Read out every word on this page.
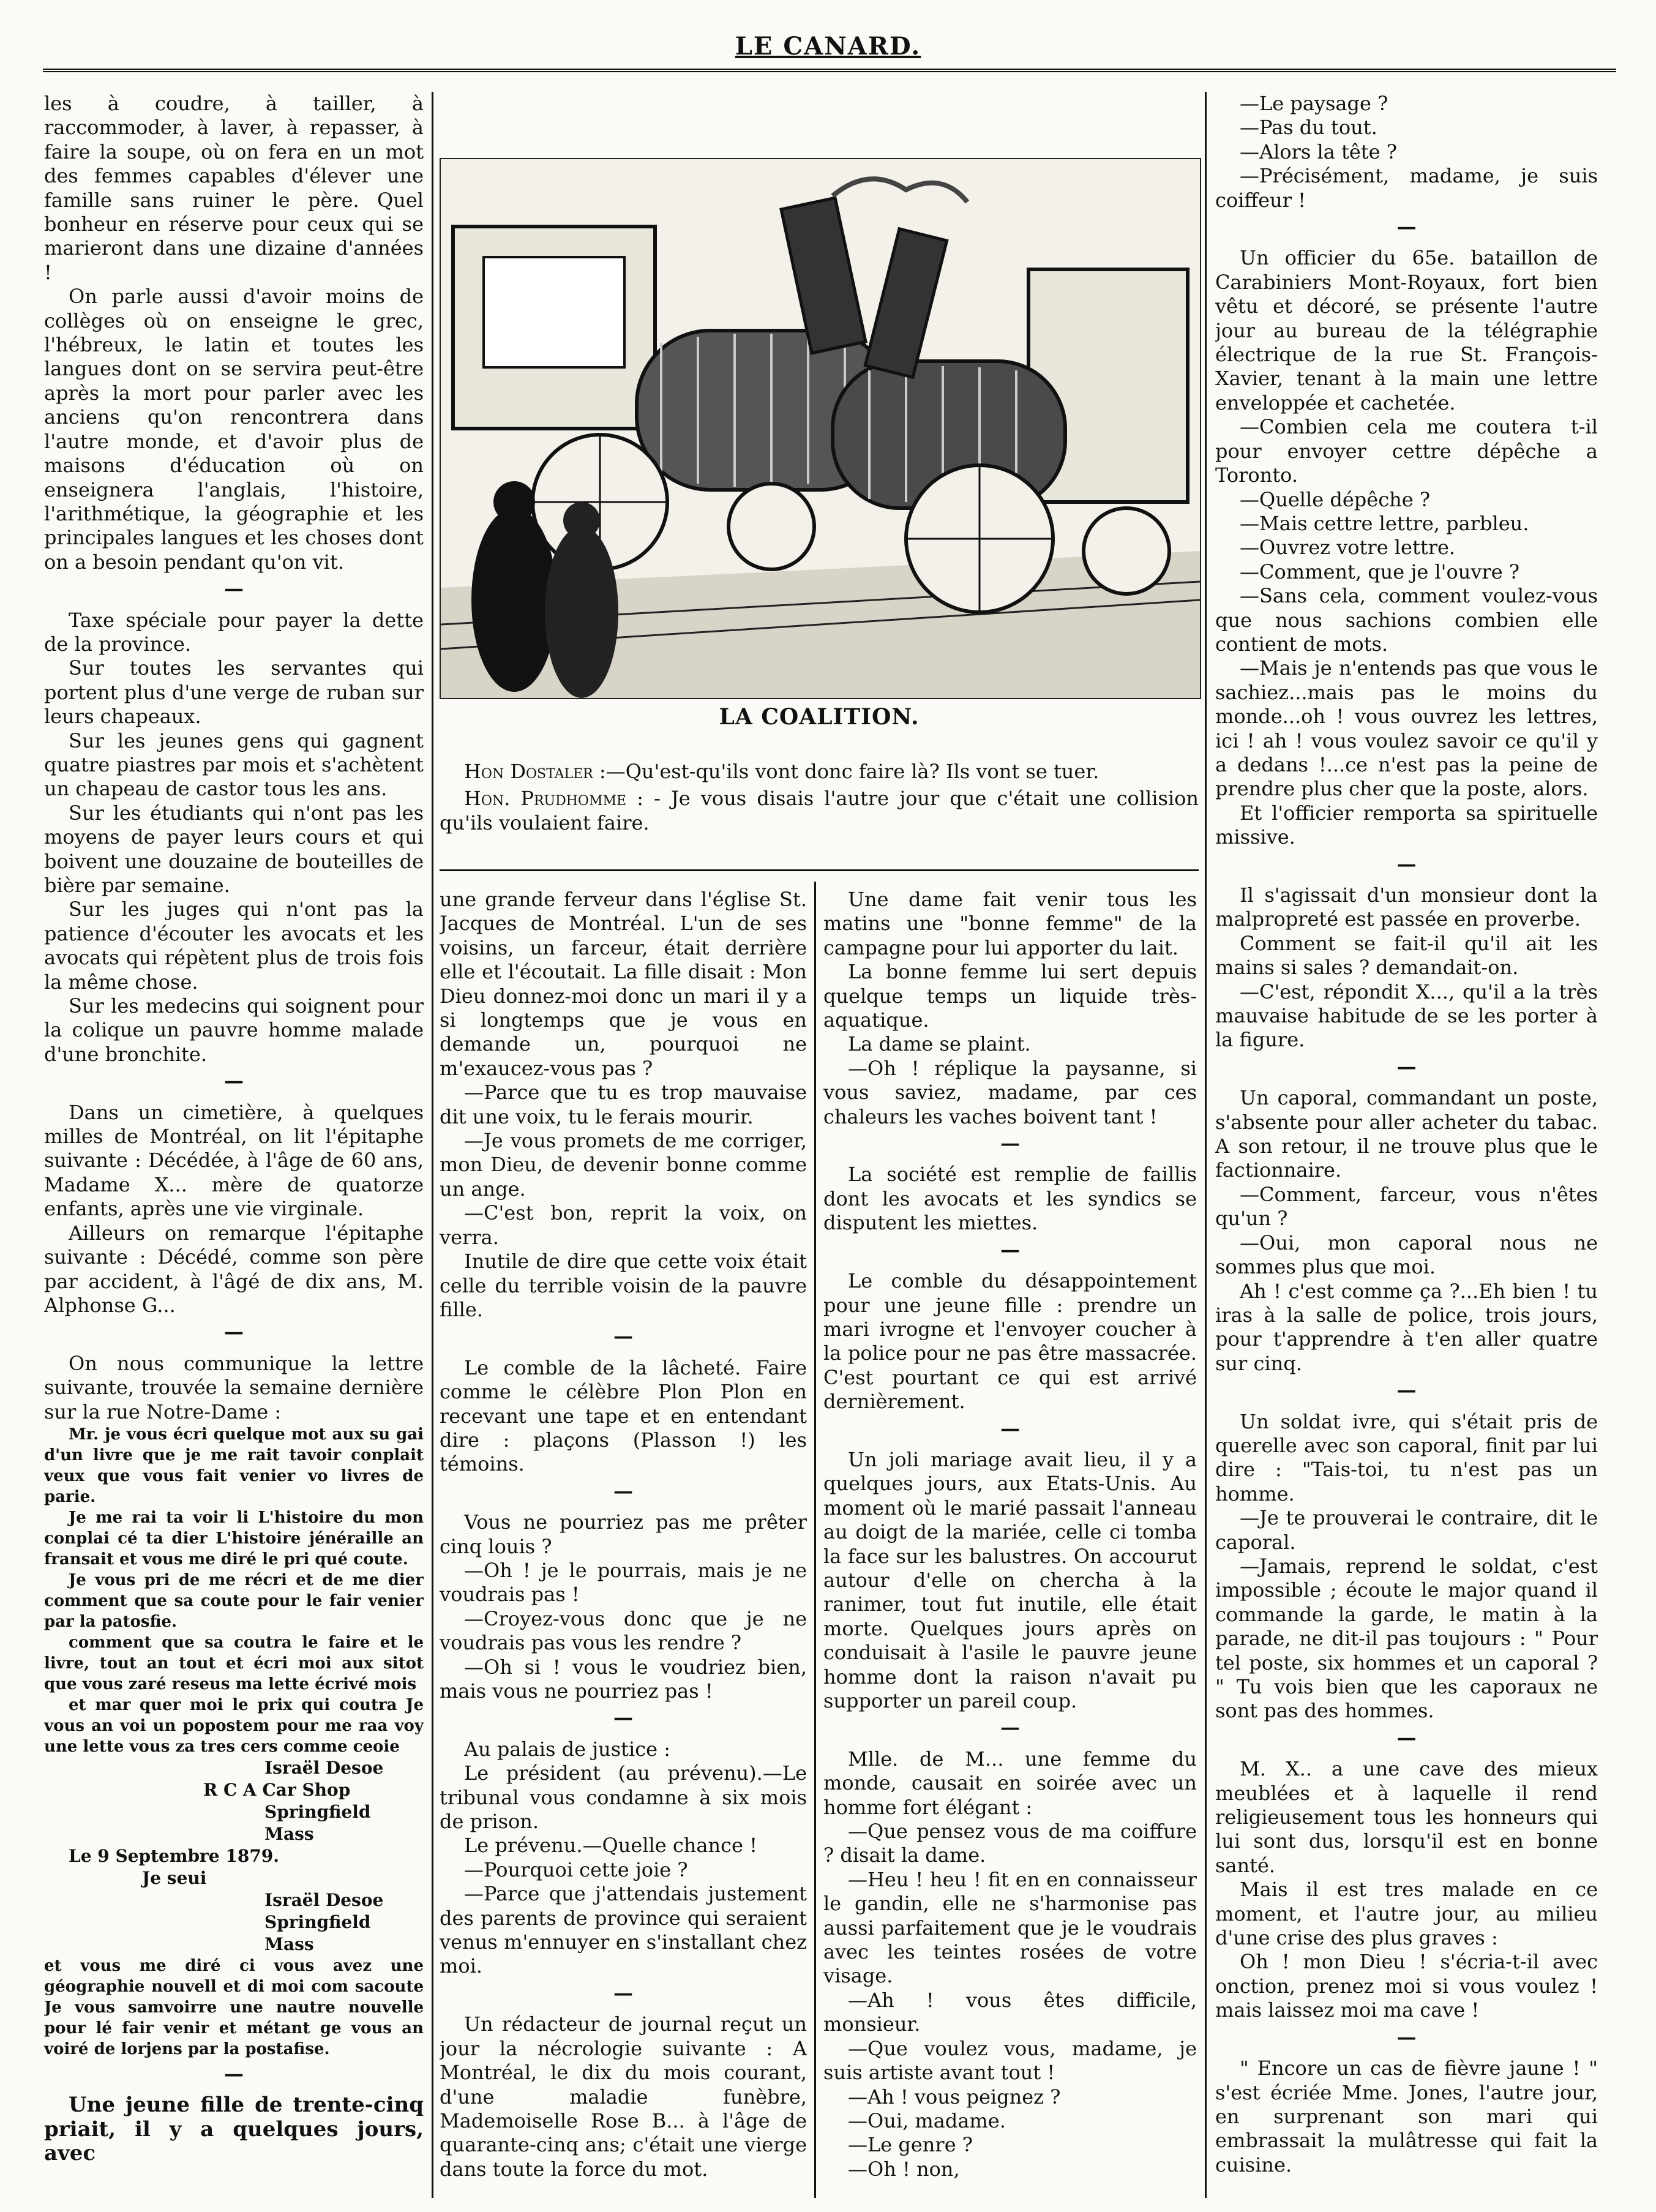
LE CANARD.

les à coudre, à tailler, à raccommoder, à laver, à repasser, à faire la soupe, où on fera en un mot des femmes capables d'élever une famille sans ruiner le père. Quel bonheur en réserve pour ceux qui se marieront dans une dizaine d'années !

On parle aussi d'avoir moins de collèges où on enseigne le grec, l'hébreux, le latin et toutes les langues dont on se servira peut-être après la mort pour parler avec les anciens qu'on rencontrera dans l'autre monde, et d'avoir plus de maisons d'éducation où on enseignera l'anglais, l'histoire, l'arithmétique, la géographie et les principales langues et les choses dont on a besoin pendant qu'on vit.

—

Taxe spéciale pour payer la dette de la province.

Sur toutes les servantes qui portent plus d'une verge de ruban sur leurs chapeaux.

Sur les jeunes gens qui gagnent quatre piastres par mois et s'achètent un chapeau de castor tous les ans.

Sur les étudiants qui n'ont pas les moyens de payer leurs cours et qui boivent une douzaine de bouteilles de bière par semaine.

Sur les juges qui n'ont pas la patience d'écouter les avocats et les avocats qui répètent plus de trois fois la même chose.

Sur les medecins qui soignent pour la colique un pauvre homme malade d'une bronchite.

—

Dans un cimetière, à quelques milles de Montréal, on lit l'épitaphe suivante : Décédée, à l'âge de 60 ans, Madame X... mère de quatorze enfants, après une vie virginale.

Ailleurs on remarque l'épitaphe suivante : Décédé, comme son père par accident, à l'âgé de dix ans, M. Alphonse G...

—

On nous communique la lettre suivante, trouvée la semaine dernière sur la rue Notre-Dame :

Mr. je vous écri quelque mot aux su gai d'un livre que je me rait tavoir conplait veux que vous fait venier vo livres de parie.

Je me rai ta voir li L'histoire du mon conplai cé ta dier L'histoire jénéraille an fransait et vous me diré le pri qué coute.

Je vous pri de me récri et de me dier comment que sa coute pour le fair venier par la patosfie.

comment que sa coutra le faire et le livre, tout an tout et écri moi aux sitot que vous zaré reseus ma lette écrivé mois

et mar quer moi le prix qui coutra Je vous an voi un popostem pour me raa voy une lette vous za tres cers comme ceoie

Israël Desoe

R C A Car Shop

Springfield Mass

Le 9 Septembre 1879.

Je seui

Israël Desoe

Springfield Mass

et vous me diré ci vous avez une géographie nouvell et di moi com sacoute Je vous samvoirre une nautre nouvelle pour lé fair venir et métant ge vous an voiré de lorjens par la postafise.

—

Une jeune fille de trente-cinq priait, il y a quelques jours, avec

LA COALITION.

Hon Dostaler :—Qu'est-qu'ils vont donc faire là? Ils vont se tuer.

Hon. Prudhomme : - Je vous disais l'autre jour que c'était une collision qu'ils voulaient faire.

une grande ferveur dans l'église St. Jacques de Montréal. L'un de ses voisins, un farceur, était derrière elle et l'écoutait. La fille disait : Mon Dieu donnez-moi donc un mari il y a si longtemps que je vous en demande un, pourquoi ne m'exaucez-vous pas ?

—Parce que tu es trop mauvaise dit une voix, tu le ferais mourir.

—Je vous promets de me corriger, mon Dieu, de devenir bonne comme un ange.

—C'est bon, reprit la voix, on verra.

Inutile de dire que cette voix était celle du terrible voisin de la pauvre fille.

—

Le comble de la lâcheté. Faire comme le célèbre Plon Plon en recevant une tape et en entendant dire : plaçons (Plasson !) les témoins.

—

Vous ne pourriez pas me prêter cinq louis ?

—Oh ! je le pourrais, mais je ne voudrais pas !

—Croyez-vous donc que je ne voudrais pas vous les rendre ?

—Oh si ! vous le voudriez bien, mais vous ne pourriez pas !

—

Au palais de justice :

Le président (au prévenu).—Le tribunal vous condamne à six mois de prison.

Le prévenu.—Quelle chance !

—Pourquoi cette joie ?

—Parce que j'attendais justement des parents de province qui seraient venus m'ennuyer en s'installant chez moi.

—

Un rédacteur de journal reçut un jour la nécrologie suivante : A Montréal, le dix du mois courant, d'une maladie funèbre, Mademoiselle Rose B... à l'âge de quarante-cinq ans; c'était une vierge dans toute la force du mot.

Une dame fait venir tous les matins une "bonne femme" de la campagne pour lui apporter du lait.

La bonne femme lui sert depuis quelque temps un liquide très-aquatique.

La dame se plaint.

—Oh ! réplique la paysanne, si vous saviez, madame, par ces chaleurs les vaches boivent tant !

—

La société est remplie de faillis dont les avocats et les syndics se disputent les miettes.

—

Le comble du désappointement pour une jeune fille : prendre un mari ivrogne et l'envoyer coucher à la police pour ne pas être massacrée. C'est pourtant ce qui est arrivé dernièrement.

—

Un joli mariage avait lieu, il y a quelques jours, aux Etats-Unis. Au moment où le marié passait l'anneau au doigt de la mariée, celle ci tomba la face sur les balustres. On accourut autour d'elle on chercha à la ranimer, tout fut inutile, elle était morte. Quelques jours après on conduisait à l'asile le pauvre jeune homme dont la raison n'avait pu supporter un pareil coup.

—

Mlle. de M... une femme du monde, causait en soirée avec un homme fort élégant :

—Que pensez vous de ma coiffure ? disait la dame.

—Heu ! heu ! fit en en connaisseur le gandin, elle ne s'harmonise pas aussi parfaitement que je le voudrais avec les teintes rosées de votre visage.

—Ah ! vous êtes difficile, monsieur.

—Que voulez vous, madame, je suis artiste avant tout !

—Ah ! vous peignez ?

—Oui, madame.

—Le genre ?

—Oh ! non,

—Le paysage ?

—Pas du tout.

—Alors la tête ?

—Précisément, madame, je suis coiffeur !

—

Un officier du 65e. bataillon de Carabiniers Mont-Royaux, fort bien vêtu et décoré, se présente l'autre jour au bureau de la télégraphie électrique de la rue St. François-Xavier, tenant à la main une lettre enveloppée et cachetée.

—Combien cela me coutera t-il pour envoyer cettre dépêche a Toronto.

—Quelle dépêche ?

—Mais cettre lettre, parbleu.

—Ouvrez votre lettre.

—Comment, que je l'ouvre ?

—Sans cela, comment voulez-vous que nous sachions combien elle contient de mots.

—Mais je n'entends pas que vous le sachiez...mais pas le moins du monde...oh ! vous ouvrez les lettres, ici ! ah ! vous voulez savoir ce qu'il y a dedans !...ce n'est pas la peine de prendre plus cher que la poste, alors.

Et l'officier remporta sa spirituelle missive.

—

Il s'agissait d'un monsieur dont la malpropreté est passée en proverbe.

Comment se fait-il qu'il ait les mains si sales ? demandait-on.

—C'est, répondit X..., qu'il a la très mauvaise habitude de se les porter à la figure.

—

Un caporal, commandant un poste, s'absente pour aller acheter du tabac. A son retour, il ne trouve plus que le factionnaire.

—Comment, farceur, vous n'êtes qu'un ?

—Oui, mon caporal nous ne sommes plus que moi.

Ah ! c'est comme ça ?...Eh bien ! tu iras à la salle de police, trois jours, pour t'apprendre à t'en aller quatre sur cinq.

—

Un soldat ivre, qui s'était pris de querelle avec son caporal, finit par lui dire : "Tais-toi, tu n'est pas un homme.

—Je te prouverai le contraire, dit le caporal.

—Jamais, reprend le soldat, c'est impossible ; écoute le major quand il commande la garde, le matin à la parade, ne dit-il pas toujours : " Pour tel poste, six hommes et un caporal ? " Tu vois bien que les caporaux ne sont pas des hommes.

—

M. X.. a une cave des mieux meublées et à laquelle il rend religieusement tous les honneurs qui lui sont dus, lorsqu'il est en bonne santé.

Mais il est tres malade en ce moment, et l'autre jour, au milieu d'une crise des plus graves :

Oh ! mon Dieu ! s'écria-t-il avec onction, prenez moi si vous voulez ! mais laissez moi ma cave !

—

" Encore un cas de fièvre jaune ! " s'est écriée Mme. Jones, l'autre jour, en surprenant son mari qui embrassait la mulâtresse qui fait la cuisine.
